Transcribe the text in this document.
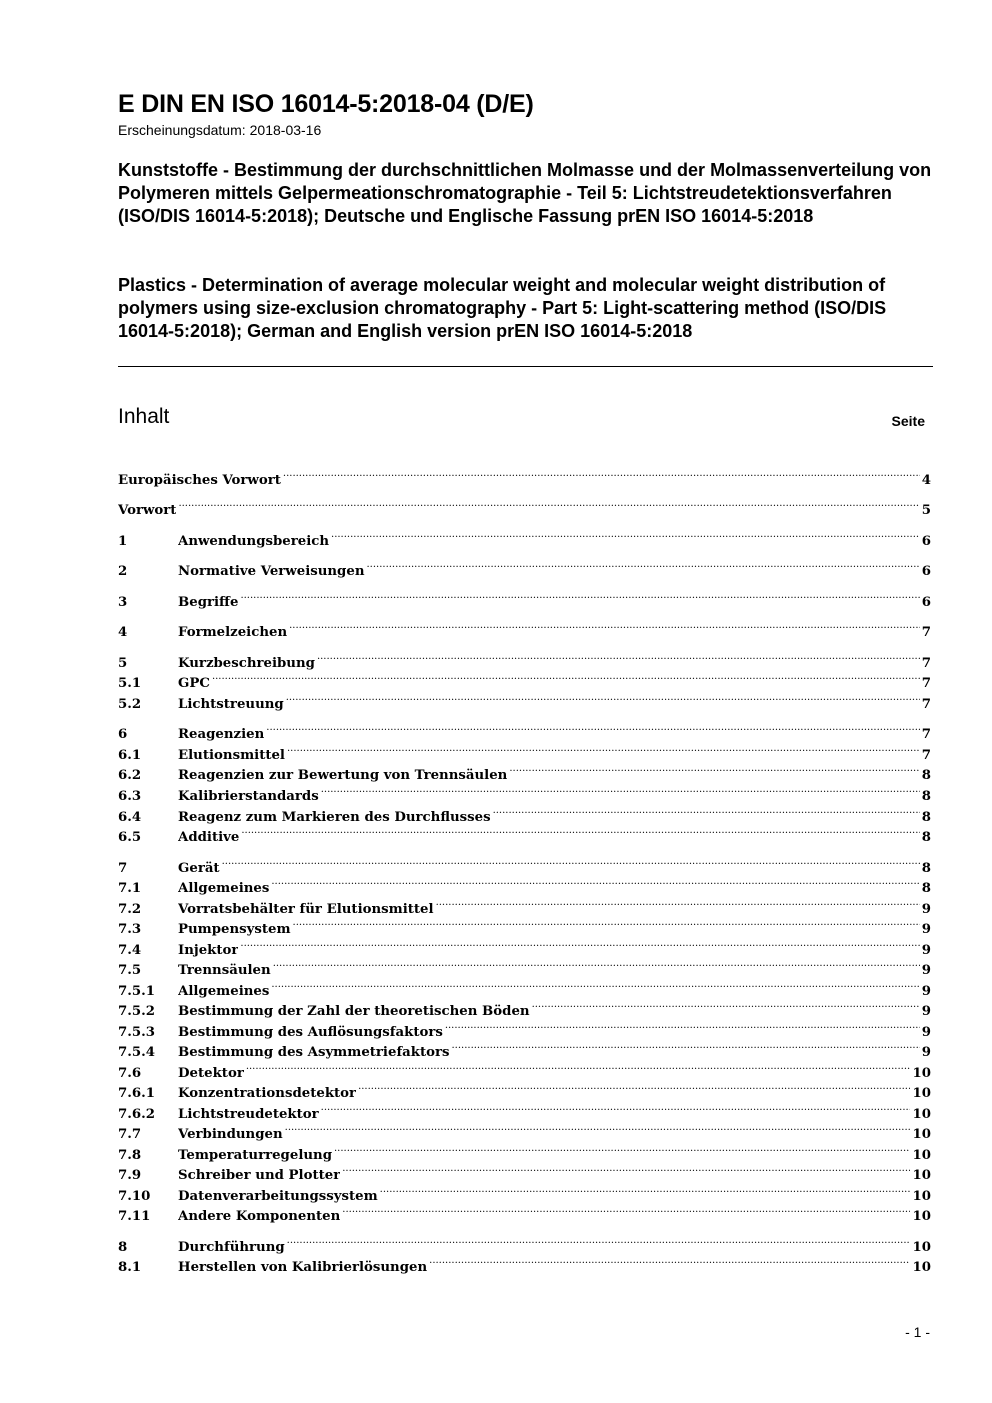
E DIN EN ISO 16014-5:2018-04 (D/E)
Erscheinungsdatum: 2018-03-16
Kunststoffe - Bestimmung der durchschnittlichen Molmasse und der Molmassenverteilung von Polymeren mittels Gelpermeationschromatographie - Teil 5: Lichtstreudetektionsverfahren (ISO/DIS 16014-5:2018); Deutsche und Englische Fassung prEN ISO 16014-5:2018
Plastics - Determination of average molecular weight and molecular weight distribution of polymers using size-exclusion chromatography - Part 5: Light-scattering method (ISO/DIS 16014-5:2018); German and English version prEN ISO 16014-5:2018
Inhalt	Seite
Europäisches Vorwort .....	4
Vorwort .....	5
1	Anwendungsbereich .....	6
2	Normative Verweisungen .....	6
3	Begriffe .....	6
4	Formelzeichen .....	7
5	Kurzbeschreibung .....	7
5.1	GPC .....	7
5.2	Lichtstreuung .....	7
6	Reagenzien .....	7
6.1	Elutionsmittel .....	7
6.2	Reagenzien zur Bewertung von Trennsäulen .....	8
6.3	Kalibrierstandards .....	8
6.4	Reagenz zum Markieren des Durchflusses .....	8
6.5	Additive .....	8
7	Gerät .....	8
7.1	Allgemeines .....	8
7.2	Vorratsbehälter für Elutionsmittel .....	9
7.3	Pumpensystem .....	9
7.4	Injektor .....	9
7.5	Trennsäulen .....	9
7.5.1	Allgemeines .....	9
7.5.2	Bestimmung der Zahl der theoretischen Böden .....	9
7.5.3	Bestimmung des Auflösungsfaktors .....	9
7.5.4	Bestimmung des Asymmetriefaktors .....	9
7.6	Detektor .....	10
7.6.1	Konzentrationsdetektor .....	10
7.6.2	Lichtstreudetektor .....	10
7.7	Verbindungen .....	10
7.8	Temperaturregelung .....	10
7.9	Schreiber und Plotter .....	10
7.10	Datenverarbeitungssystem .....	10
7.11	Andere Komponenten .....	10
8	Durchführung .....	10
8.1	Herstellen von Kalibrierlösungen .....	10
- 1 -
